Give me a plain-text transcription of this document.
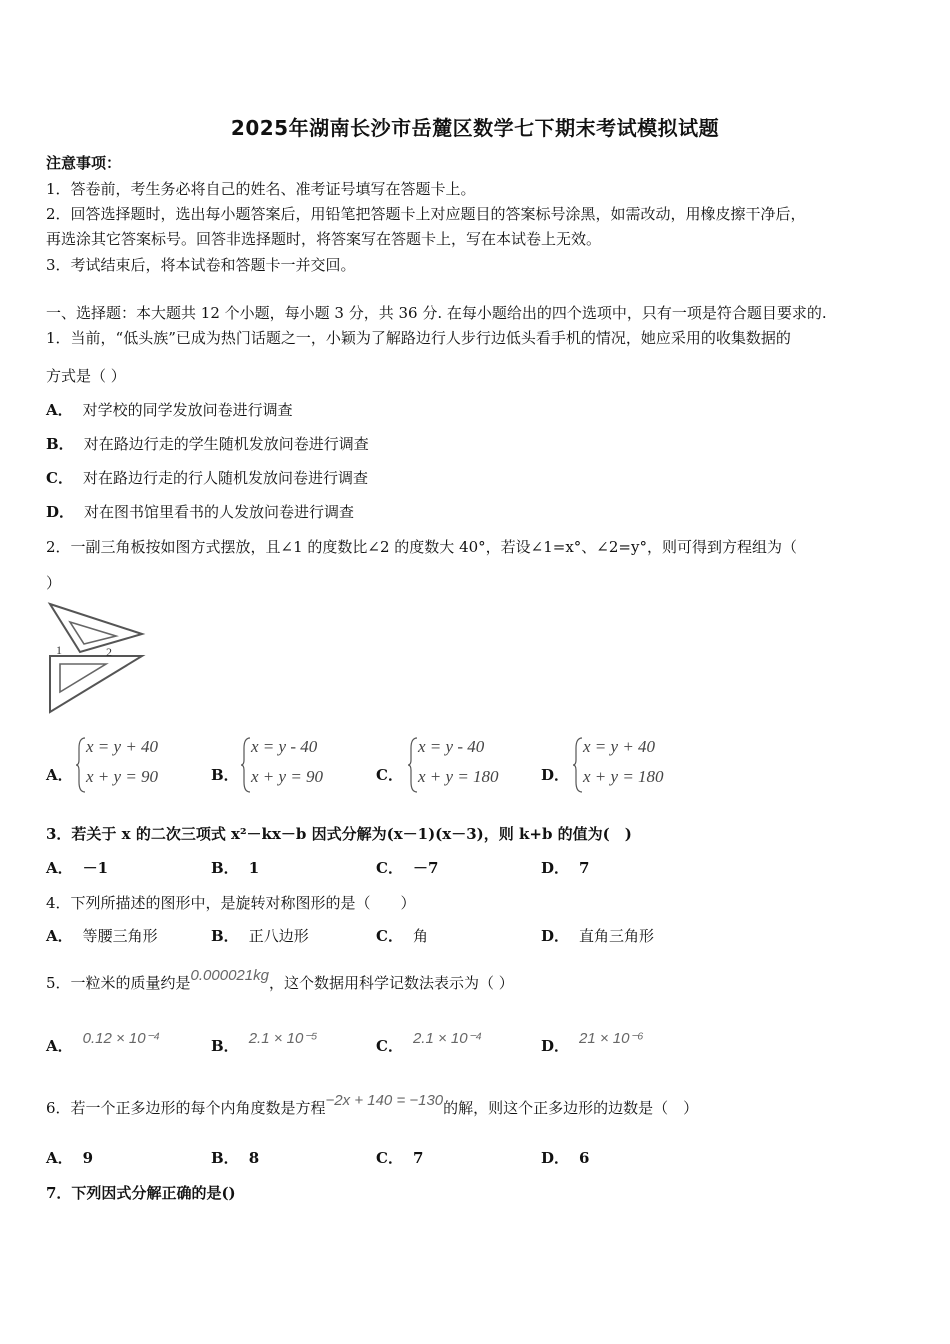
2025年湖南长沙市岳麓区数学七下期末考试模拟试题
注意事项：
1．答卷前，考生务必将自己的姓名、准考证号填写在答题卡上。
2．回答选择题时，选出每小题答案后，用铅笔把答题卡上对应题目的答案标号涂黑，如需改动，用橡皮擦干净后，
再选涂其它答案标号。回答非选择题时，将答案写在答题卡上，写在本试卷上无效。
3．考试结束后，将本试卷和答题卡一并交回。
一、选择题：本大题共 12 个小题，每小题 3 分，共 36 分. 在每小题给出的四个选项中，只有一项是符合题目要求的.
1．当前，“低头族”已成为热门话题之一，小颖为了解路边行人步行边低头看手机的情况，她应采用的收集数据的
方式是（ ）
A． 对学校的同学发放问卷进行调查
B． 对在路边行走的学生随机发放问卷进行调查
C． 对在路边行走的行人随机发放问卷进行调查
D． 对在图书馆里看书的人发放问卷进行调查
2．一副三角板按如图方式摆放，且∠1 的度数比∠2 的度数大 40°，若设∠1=x°、∠2=y°，则可得到方程组为（
）
1	2
A．
x = y + 40
x + y = 90	B．
x = y - 40
x + y = 90	C．
x = y - 40
x + y = 180	D．
x = y + 40
x + y = 180
3．若关于 x 的二次三项式 x²－kx－b 因式分解为(x－1)(x－3)，则 k+b 的值为(　)
A． －1	B． 1	C． －7	D． 7
4．下列所描述的图形中，是旋转对称图形的是（　　）
A． 等腰三角形	B． 正八边形	C． 角	D． 直角三角形
5．一粒米的质量约是0.000021kg，这个数据用科学记数法表示为（ ）
A． 0.12 × 10⁻⁴	B． 2.1 × 10⁻⁵	C． 2.1 × 10⁻⁴	D． 21 × 10⁻⁶
6．若一个正多边形的每个内角度数是方程−2x + 140 = −130的解，则这个正多边形的边数是（　）
A． 9	B． 8	C． 7	D． 6
7．下列因式分解正确的是()
